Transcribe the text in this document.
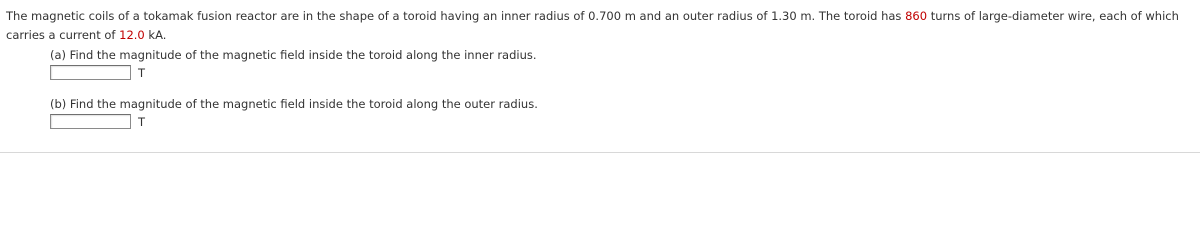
The magnetic coils of a tokamak fusion reactor are in the shape of a toroid having an inner radius of 0.700 m and an outer radius of 1.30 m. The toroid has 860 turns of large-diameter wire, each of which carries a current of 12.0 kA.
(a) Find the magnitude of the magnetic field inside the toroid along the inner radius.
T
(b) Find the magnitude of the magnetic field inside the toroid along the outer radius.
T
